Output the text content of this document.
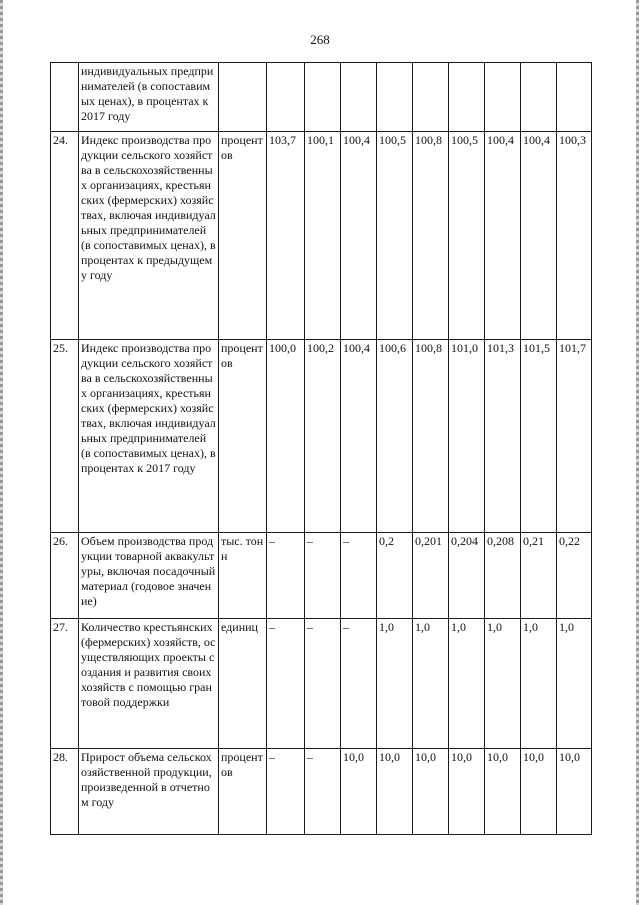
268
	индивидуальных предпринимателей (в сопоставимых ценах), в процентах к 2017 году										
24.	Индекс производства продукции сельского хозяйства в сельскохозяйственных организациях, крестьянских (фермерских) хозяйствах, включая индивидуальных предпринимателей (в сопоставимых ценах), в процентах к предыдущему году	процентов	103,7	100,1	100,4	100,5	100,8	100,5	100,4	100,4	100,3
25.	Индекс производства продукции сельского хозяйства в сельскохозяйственных организациях, крестьянских (фермерских) хозяйствах, включая индивидуальных предпринимателей (в сопоставимых ценах), в процентах к 2017 году	процентов	100,0	100,2	100,4	100,6	100,8	101,0	101,3	101,5	101,7
26.	Объем производства продукции товарной аквакультуры, включая посадочный материал (годовое значение)	тыс. тонн	–	–	–	0,2	0,201	0,204	0,208	0,21	0,22
27.	Количество крестьянских (фермерских) хозяйств, осуществляющих проекты создания и развития своих хозяйств с помощью грантовой поддержки	единиц	–	–	–	1,0	1,0	1,0	1,0	1,0	1,0
28.	Прирост объема сельскохозяйственной продукции, произведенной в отчетном году	процентов	–	–	10,0	10,0	10,0	10,0	10,0	10,0	10,0
